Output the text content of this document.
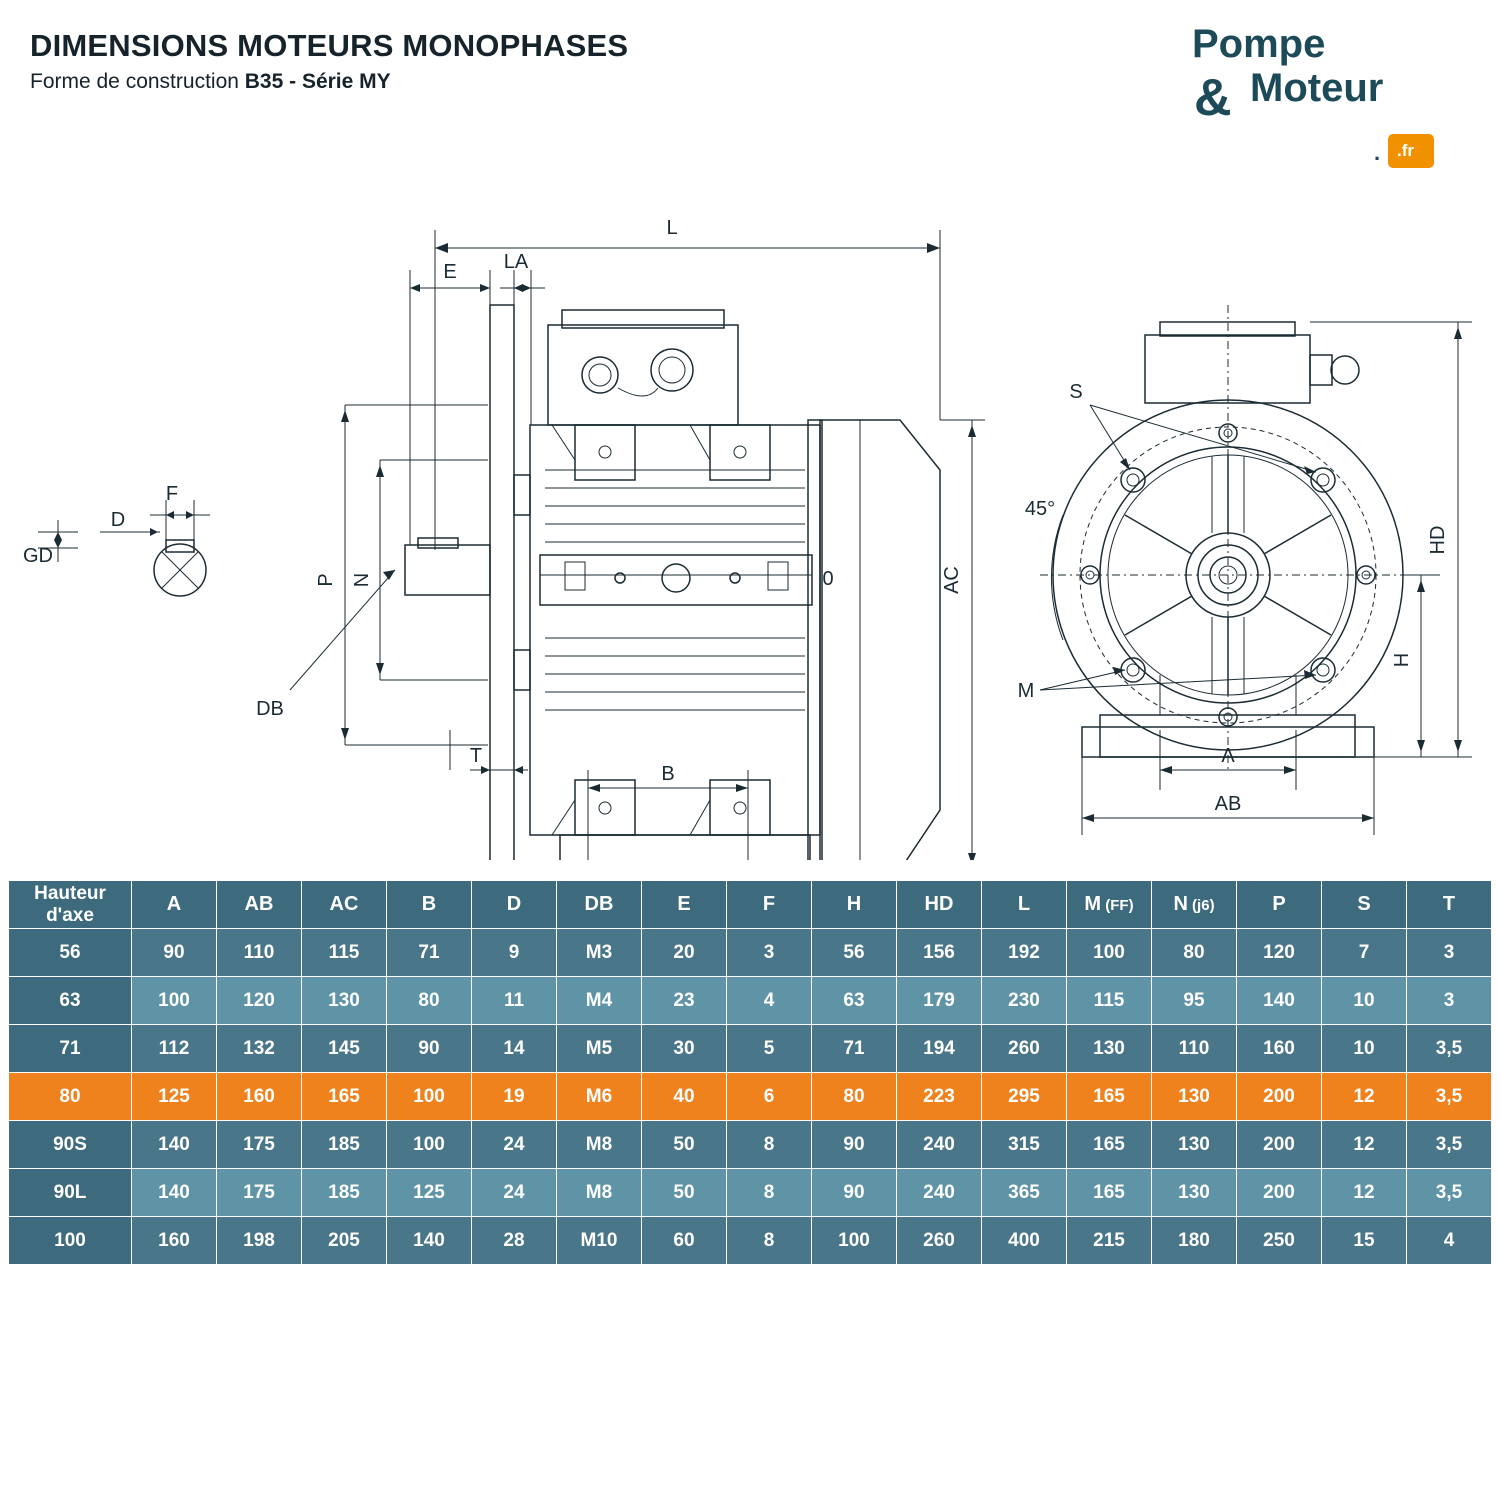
DIMENSIONS MOTEURS MONOPHASES
Forme de construction B35 - Série MY
Pompe
& Moteur
. .fr
F
D
GD
L
E LA
P N
DB
T
B
AC
0
45°
S
M
HD
H
A
AB
Hauteur
d'axe	A	AB	AC	B	D	DB	E	F	H	HD	L	M (FF)	N (j6)	P	S	T
56	90	110	115	71	9	M3	20	3	56	156	192	100	80	120	7	3
63	100	120	130	80	11	M4	23	4	63	179	230	115	95	140	10	3
71	112	132	145	90	14	M5	30	5	71	194	260	130	110	160	10	3,5
80	125	160	165	100	19	M6	40	6	80	223	295	165	130	200	12	3,5
90S	140	175	185	100	24	M8	50	8	90	240	315	165	130	200	12	3,5
90L	140	175	185	125	24	M8	50	8	90	240	365	165	130	200	12	3,5
100	160	198	205	140	28	M10	60	8	100	260	400	215	180	250	15	4
